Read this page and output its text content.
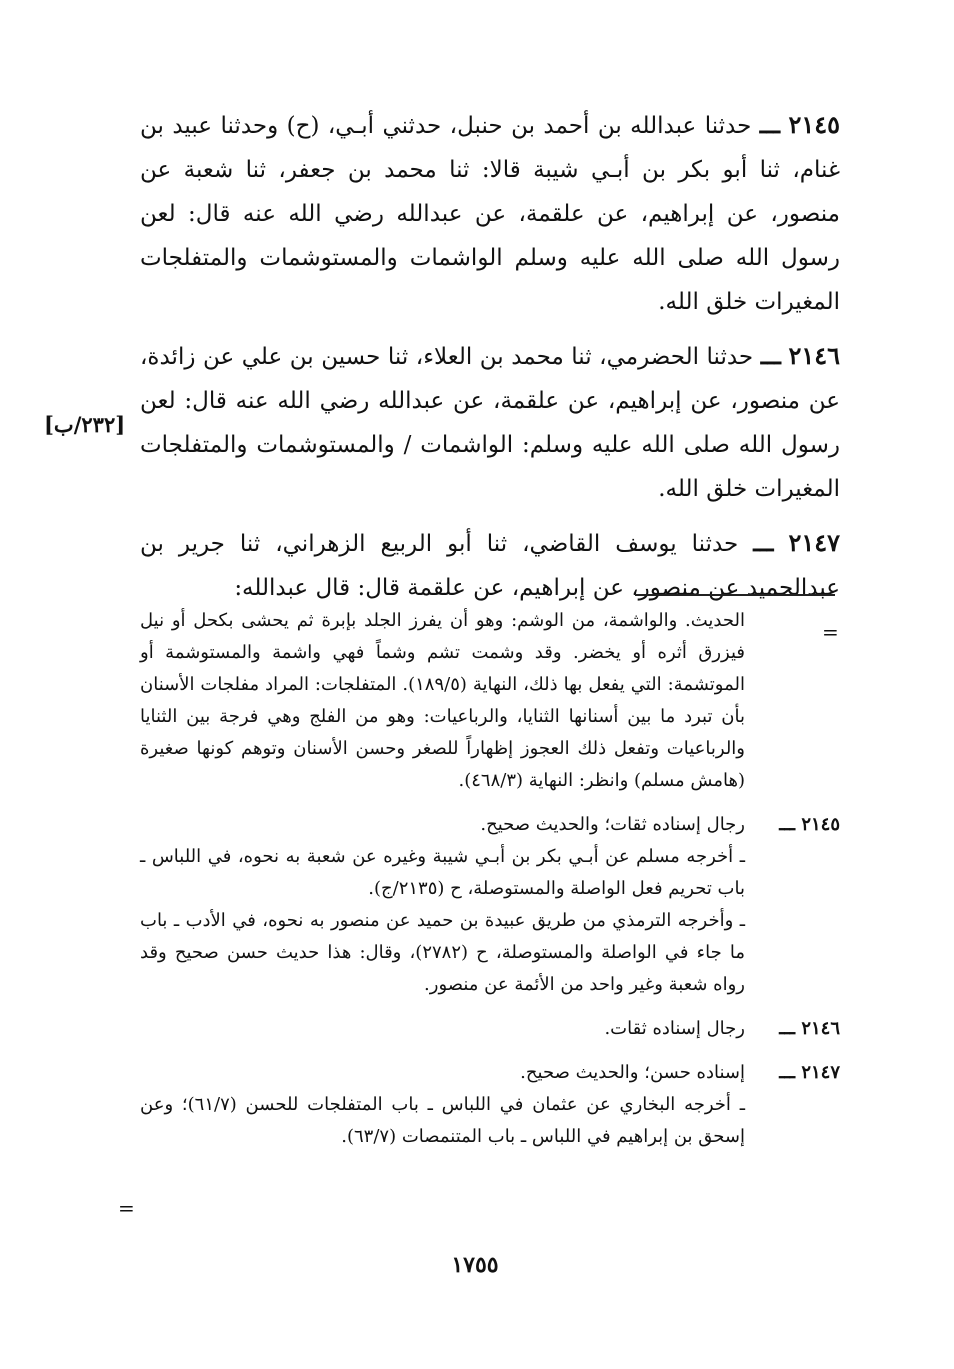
٢١٤٥ ـــ حدثنا عبدالله بن أحمد بن حنبل، حدثني أبـي، (ح) وحدثنا عبيد بن غنام، ثنا أبو بكر بن أبـي شيبة قالا: ثنا محمد بن جعفر، ثنا شعبة عن منصور، عن إبراهيم، عن علقمة، عن عبدالله رضي الله عنه قال: لعن رسول الله صلى الله عليه وسلم الواشمات والمستوشمات والمتفلجات المغيرات خلق الله.

٢١٤٦ ـــ حدثنا الحضرمي، ثنا محمد بن العلاء، ثنا حسين بن علي عن زائدة، عن منصور، عن إبراهيم، عن علقمة، عن عبدالله رضي الله عنه قال: لعن رسول الله صلى الله عليه وسلم: الواشمات / والمستوشمات والمتفلجات المغيرات خلق الله.

٢١٤٧ ـــ حدثنا يوسف القاضي، ثنا أبو الربيع الزهراني، ثنا جرير بن عبدالحميد عن منصور، عن إبراهيم، عن علقمة قال: قال عبدالله:

[٢٣٢/ب]
=
الحديث. والواشمة، من الوشم: وهو أن يفرز الجلد بإبرة ثم يحشى بكحل أو نيل فيزرق أثره أو يخضر. وقد وشمت تشم وشماً فهي واشمة والمستوشمة أو الموتشمة: التي يفعل بها ذلك، النهاية (١٨٩/٥). المتفلجات: المراد مفلجات الأسنان بأن تبرد ما بين أسنانها الثنايا، والرباعيات: وهو من الفلج وهي فرجة بين الثنايا والرباعيات وتفعل ذلك العجوز إظهاراً للصغر وحسن الأسنان وتوهم كونها صغيرة (هامش مسلم) وانظر: النهاية (٤٦٨/٣).
٢١٤٥ ـــ
رجال إسناده ثقات؛ والحديث صحيح.
ـ أخرجه مسلم عن أبـي بكر بن أبـي شيبة وغيره عن شعبة به نحوه، في اللباس ـ باب تحريم فعل الواصلة والمستوصلة، ح (٢١٣٥/ج).
ـ وأخرجه الترمذي من طريق عبيدة بن حميد عن منصور به نحوه، في الأدب ـ باب ما جاء في الواصلة والمستوصلة، ح (٢٧٨٢)، وقال: هذا حديث حسن صحيح وقد رواه شعبة وغير واحد من الأئمة عن منصور.
٢١٤٦ ـــ
رجال إسناده ثقات.
٢١٤٧ ـــ
إسناده حسن؛ والحديث صحيح.
ـ أخرجه البخاري عن عثمان في اللباس ـ باب المتفلجات للحسن (٦١/٧)؛ وعن إسحق بن إبراهيم في اللباس ـ باب المتنمصات (٦٣/٧).
=
١٧٥٥
